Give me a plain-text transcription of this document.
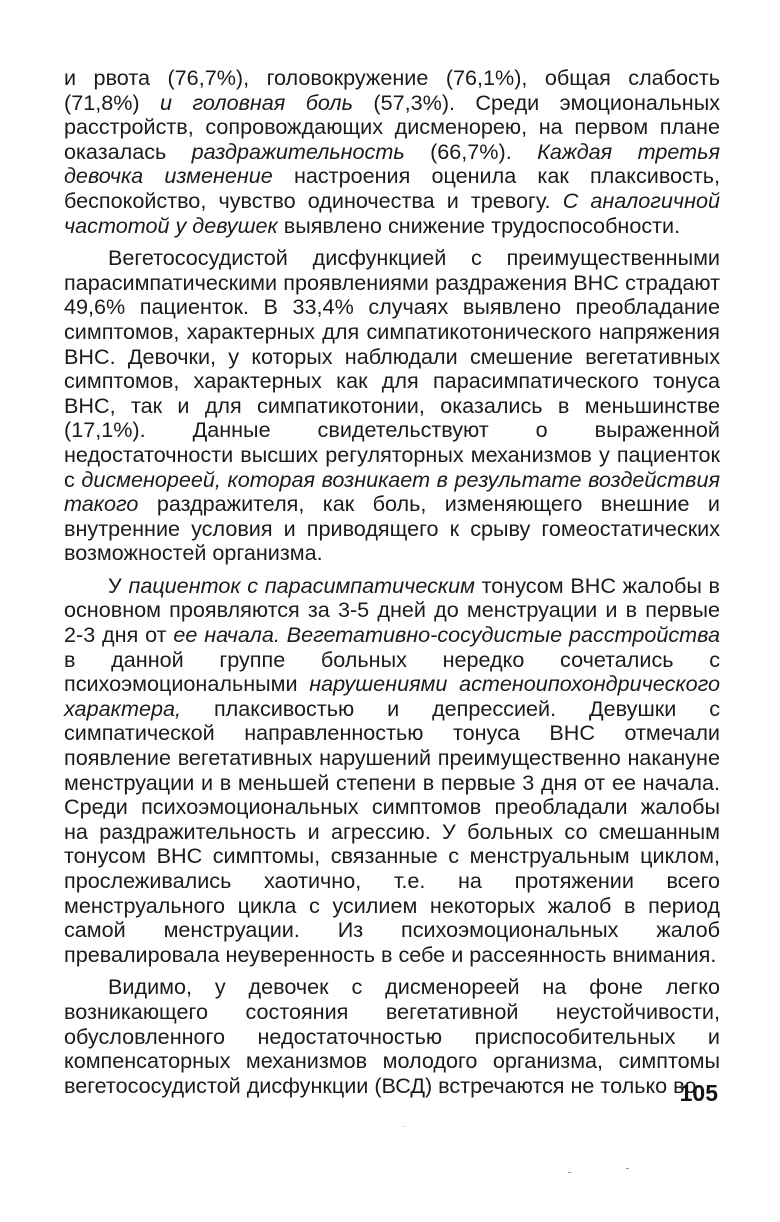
и рвота (76,7%), головокружение (76,1%), общая слабость (71,8%) и головная боль (57,3%). Среди эмоциональных расстройств, сопровождающих дисменорею, на первом плане оказалась раздражительность (66,7%). Каждая третья девочка изменение настроения оценила как плаксивость, беспокойство, чувство одиночества и тревогу. С аналогичной частотой у девушек выявлено снижение трудоспособности.

Вегетососудистой дисфункцией с преимущественными парасимпатическими проявлениями раздражения ВНС страдают 49,6% пациенток. В 33,4% случаях выявлено преобладание симптомов, характерных для симпатикотонического напряжения ВНС. Девочки, у которых наблюдали смешение вегетативных симптомов, характерных как для парасимпатического тонуса ВНС, так и для симпатикотонии, оказались в меньшинстве (17,1%). Данные свидетельствуют о выраженной недостаточности высших регуляторных механизмов у пациенток с дисменореей, которая возникает в результате воздействия такого раздражителя, как боль, изменяющего внешние и внутренние условия и приводящего к срыву гомеостатических возможностей организма.

У пациенток с парасимпатическим тонусом ВНС жалобы в основном проявляются за 3-5 дней до менструации и в первые 2-3 дня от ее начала. Вегетативно-сосудистые расстройства в данной группе больных нередко сочетались с психоэмоциональными нарушениями астеноипохондрического характера, плаксивостью и депрессией. Девушки с симпатической направленностью тонуса ВНС отмечали появление вегетативных нарушений преимущественно накануне менструации и в меньшей степени в первые 3 дня от ее начала. Среди психоэмоциональных симптомов преобладали жалобы на раздражительность и агрессию. У больных со смешанным тонусом ВНС симптомы, связанные с менструальным циклом, прослеживались хаотично, т.е. на протяжении всего менструального цикла с усилием некоторых жалоб в период самой менструации. Из психоэмоциональных жалоб превалировала неуверенность в себе и рассеянность внимания.

Видимо, у девочек с дисменореей на фоне легко возникающего состояния вегетативной неустойчивости, обусловленного недостаточностью приспособительных и компенсаторных механизмов молодого организма, симптомы вегетососудистой дисфункции (ВСД) встречаются не только во

105
